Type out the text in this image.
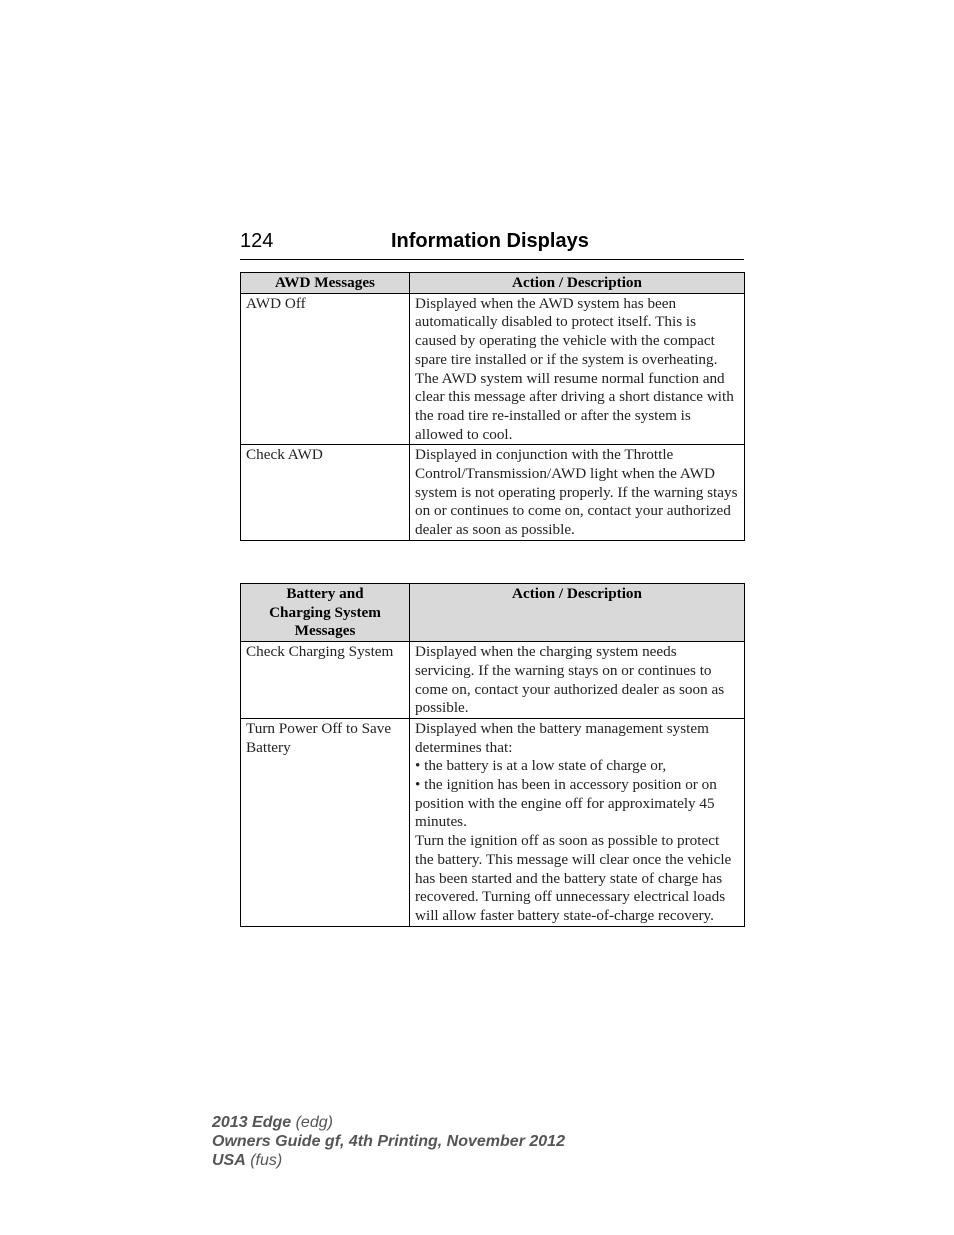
124	Information Displays
AWD Messages	Action / Description
AWD Off	Displayed when the AWD system has been automatically disabled to protect itself. This is caused by operating the vehicle with the compact spare tire installed or if the system is overheating. The AWD system will resume normal function and clear this message after driving a short distance with the road tire re-installed or after the system is allowed to cool.

Check AWD	Displayed in conjunction with the Throttle Control/Transmission/AWD light when the AWD system is not operating properly. If the warning stays on or continues to come on, contact your authorized dealer as soon as possible.

Battery and Charging System Messages	Action / Description
Check Charging System	Displayed when the charging system needs servicing. If the warning stays on or continues to come on, contact your authorized dealer as soon as possible.

Turn Power Off to Save Battery	Displayed when the battery management system determines that:

• the battery is at a low state of charge or,

• the ignition has been in accessory position or on position with the engine off for approximately 45 minutes.

Turn the ignition off as soon as possible to protect the battery. This message will clear once the vehicle has been started and the battery state of charge has recovered. Turning off unnecessary electrical loads will allow faster battery state-of-charge recovery.

2013 Edge (edg)
Owners Guide gf, 4th Printing, November 2012
USA (fus)
